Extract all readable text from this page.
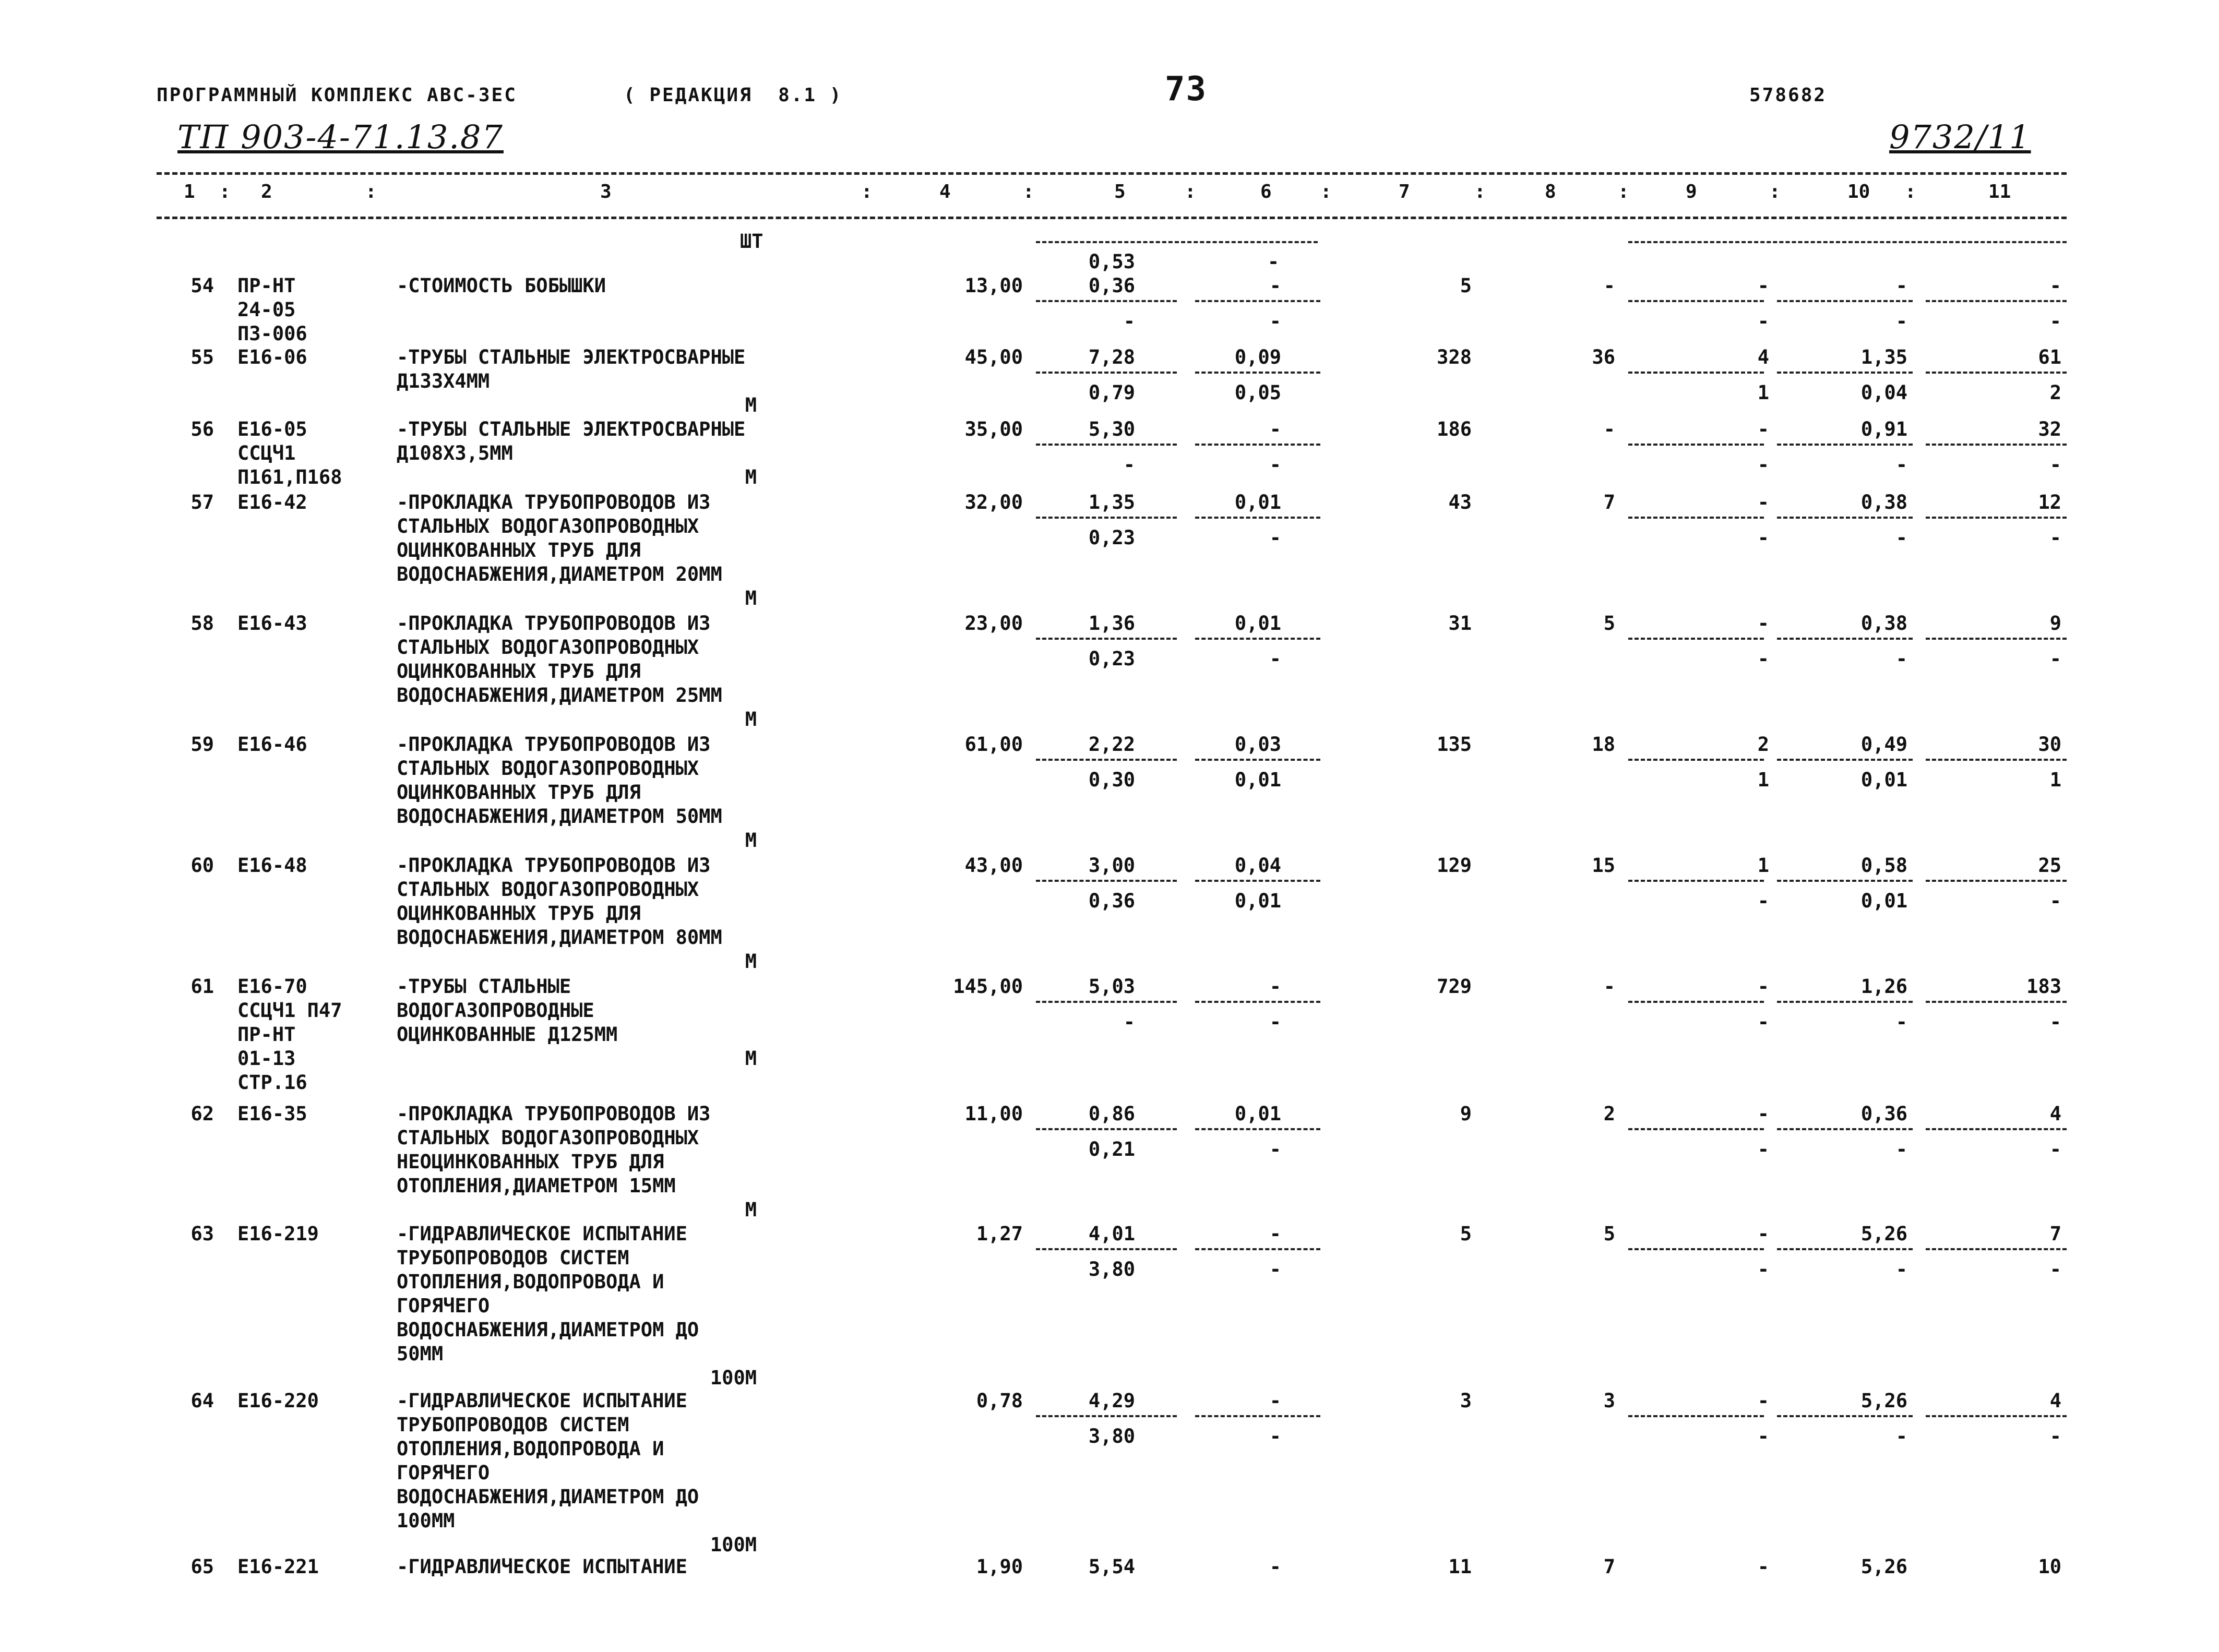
ПРОГРАММНЫЙ КОМПЛЕКС АВС-3ЕС	( РЕДАКЦИЯ  8.1 )	73	578682
ТП 903-4-71.13.87	9732/11
1	2	3	4	5	6	7	8	9	10	11
:	:	:	:	:	:	:	:	:	:
ШТ
54 ПР-НТ
24-05
П3-006
-СТОИМОСТЬ БОБЫШКИ	13,00
0,53	-
0,36	-	5	-	-	-	-
-	-	-	-	-
55 Е16-06	-ТРУБЫ СТАЛЬНЫЕ ЭЛЕКТРОСВАРНЫЕ
Д133Х4ММ
М
45,00	7,28	0,09	328	36	4	1,35	61
0,79	0,05	1	0,04	2
56 Е16-05
ССЦЧ1
П161,П168
-ТРУБЫ СТАЛЬНЫЕ ЭЛЕКТРОСВАРНЫЕ
Д108Х3,5ММ
М
35,00	5,30	-	186	-	-	0,91	32
-	-	-	-	-
57 Е16-42	-ПРОКЛАДКА ТРУБОПРОВОДОВ ИЗ
СТАЛЬНЫХ ВОДОГАЗОПРОВОДНЫХ
ОЦИНКОВАННЫХ ТРУБ ДЛЯ
ВОДОСНАБЖЕНИЯ,ДИАМЕТРОМ 20ММ
М
32,00	1,35	0,01	43	7	-	0,38	12
0,23	-	-	-	-
58 Е16-43	-ПРОКЛАДКА ТРУБОПРОВОДОВ ИЗ
СТАЛЬНЫХ ВОДОГАЗОПРОВОДНЫХ
ОЦИНКОВАННЫХ ТРУБ ДЛЯ
ВОДОСНАБЖЕНИЯ,ДИАМЕТРОМ 25ММ
М
23,00	1,36	0,01	31	5	-	0,38	9
0,23	-	-	-	-
59 Е16-46	-ПРОКЛАДКА ТРУБОПРОВОДОВ ИЗ
СТАЛЬНЫХ ВОДОГАЗОПРОВОДНЫХ
ОЦИНКОВАННЫХ ТРУБ ДЛЯ
ВОДОСНАБЖЕНИЯ,ДИАМЕТРОМ 50ММ
М
61,00	2,22	0,03	135	18	2	0,49	30
0,30	0,01	1	0,01	1
60 Е16-48	-ПРОКЛАДКА ТРУБОПРОВОДОВ ИЗ
СТАЛЬНЫХ ВОДОГАЗОПРОВОДНЫХ
ОЦИНКОВАННЫХ ТРУБ ДЛЯ
ВОДОСНАБЖЕНИЯ,ДИАМЕТРОМ 80ММ
М
43,00	3,00	0,04	129	15	1	0,58	25
0,36	0,01	-	0,01	-
61 Е16-70
ССЦЧ1 П47
ПР-НТ
01-13
СТР.16
-ТРУБЫ СТАЛЬНЫЕ
ВОДОГАЗОПРОВОДНЫЕ
ОЦИНКОВАННЫЕ Д125ММ
М
145,00	5,03	-	729	-	-	1,26	183
-	-	-	-	-
62 Е16-35	-ПРОКЛАДКА ТРУБОПРОВОДОВ ИЗ
СТАЛЬНЫХ ВОДОГАЗОПРОВОДНЫХ
НЕОЦИНКОВАННЫХ ТРУБ ДЛЯ
ОТОПЛЕНИЯ,ДИАМЕТРОМ 15ММ
М
11,00	0,86	0,01	9	2	-	0,36	4
0,21	-	-	-	-
63 Е16-219	-ГИДРАВЛИЧЕСКОЕ ИСПЫТАНИЕ
ТРУБОПРОВОДОВ СИСТЕМ
ОТОПЛЕНИЯ,ВОДОПРОВОДА И
ГОРЯЧЕГО
ВОДОСНАБЖЕНИЯ,ДИАМЕТРОМ ДО
50ММ
100М
1,27	4,01	-	5	5	-	5,26	7
3,80	-	-	-	-
64 Е16-220	-ГИДРАВЛИЧЕСКОЕ ИСПЫТАНИЕ
ТРУБОПРОВОДОВ СИСТЕМ
ОТОПЛЕНИЯ,ВОДОПРОВОДА И
ГОРЯЧЕГО
ВОДОСНАБЖЕНИЯ,ДИАМЕТРОМ ДО
100ММ
100М
0,78	4,29	-	3	3	-	5,26	4
3,80	-	-	-	-
65 Е16-221	-ГИДРАВЛИЧЕСКОЕ ИСПЫТАНИЕ	1,90	5,54	-	11	7	-	5,26	10
